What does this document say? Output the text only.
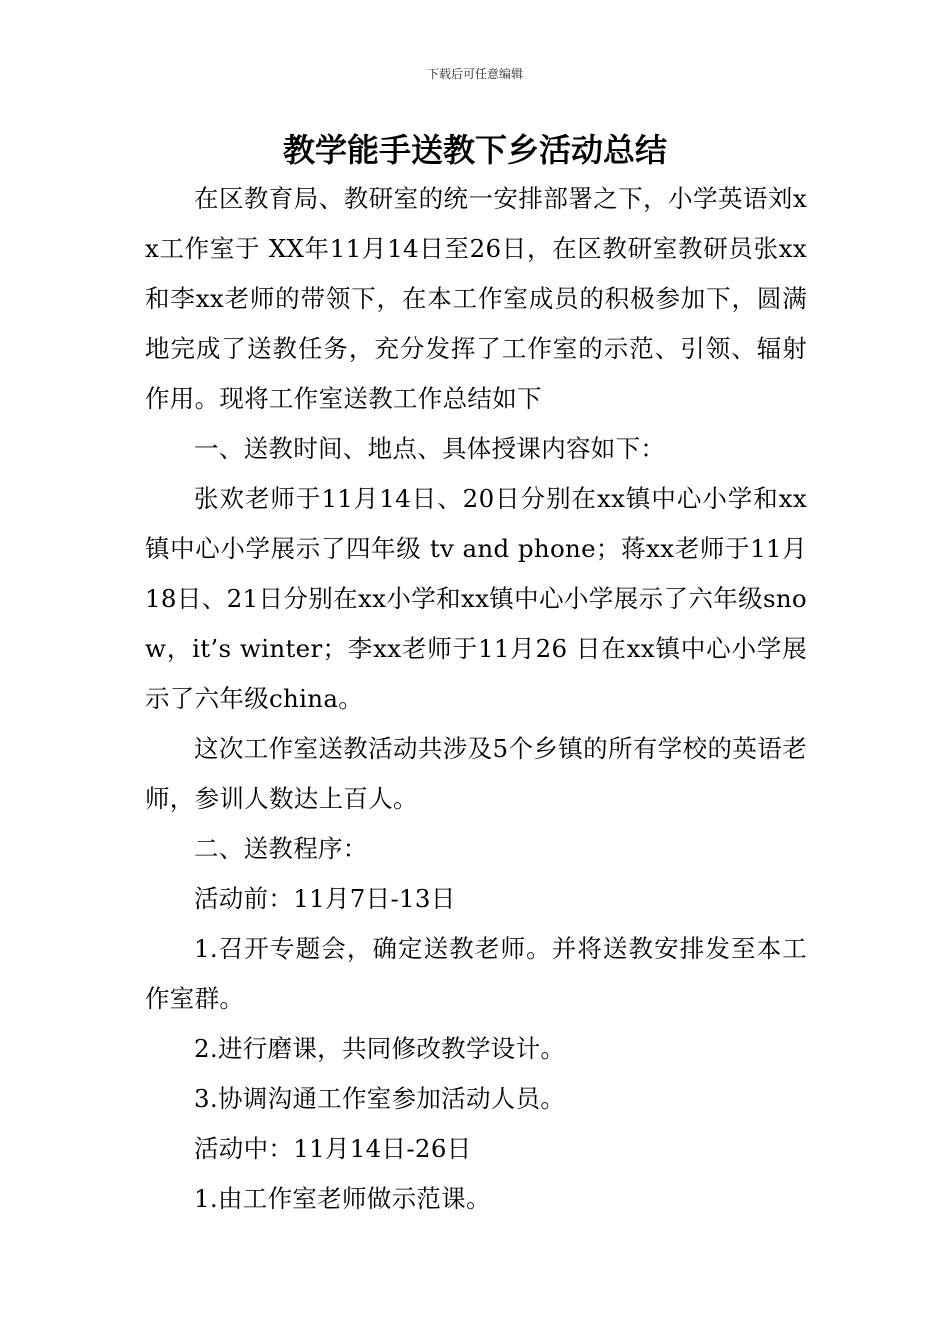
下载后可任意编辑
教学能手送教下乡活动总结

在区教育局、教研室的统一安排部署之下，小学英语刘xx工作室于 XX年11月14日至26日，在区教研室教研员张xx和李xx老师的带领下，在本工作室成员的积极参加下，圆满地完成了送教任务，充分发挥了工作室的示范、引领、辐射作用。现将工作室送教工作总结如下

一、送教时间、地点、具体授课内容如下：

张欢老师于11月14日、20日分别在xx镇中心小学和xx镇中心小学展示了四年级 tv and phone；蒋xx老师于11月18日、21日分别在xx小学和xx镇中心小学展示了六年级snow，it’s winter；李xx老师于11月26 日在xx镇中心小学展示了六年级china。

这次工作室送教活动共涉及5个乡镇的所有学校的英语老师，参训人数达上百人。

二、送教程序：

活动前：11月7日-13日

1.召开专题会，确定送教老师。并将送教安排发至本工作室群。

2.进行磨课，共同修改教学设计。

3.协调沟通工作室参加活动人员。

活动中：11月14日-26日

1.由工作室老师做示范课。
